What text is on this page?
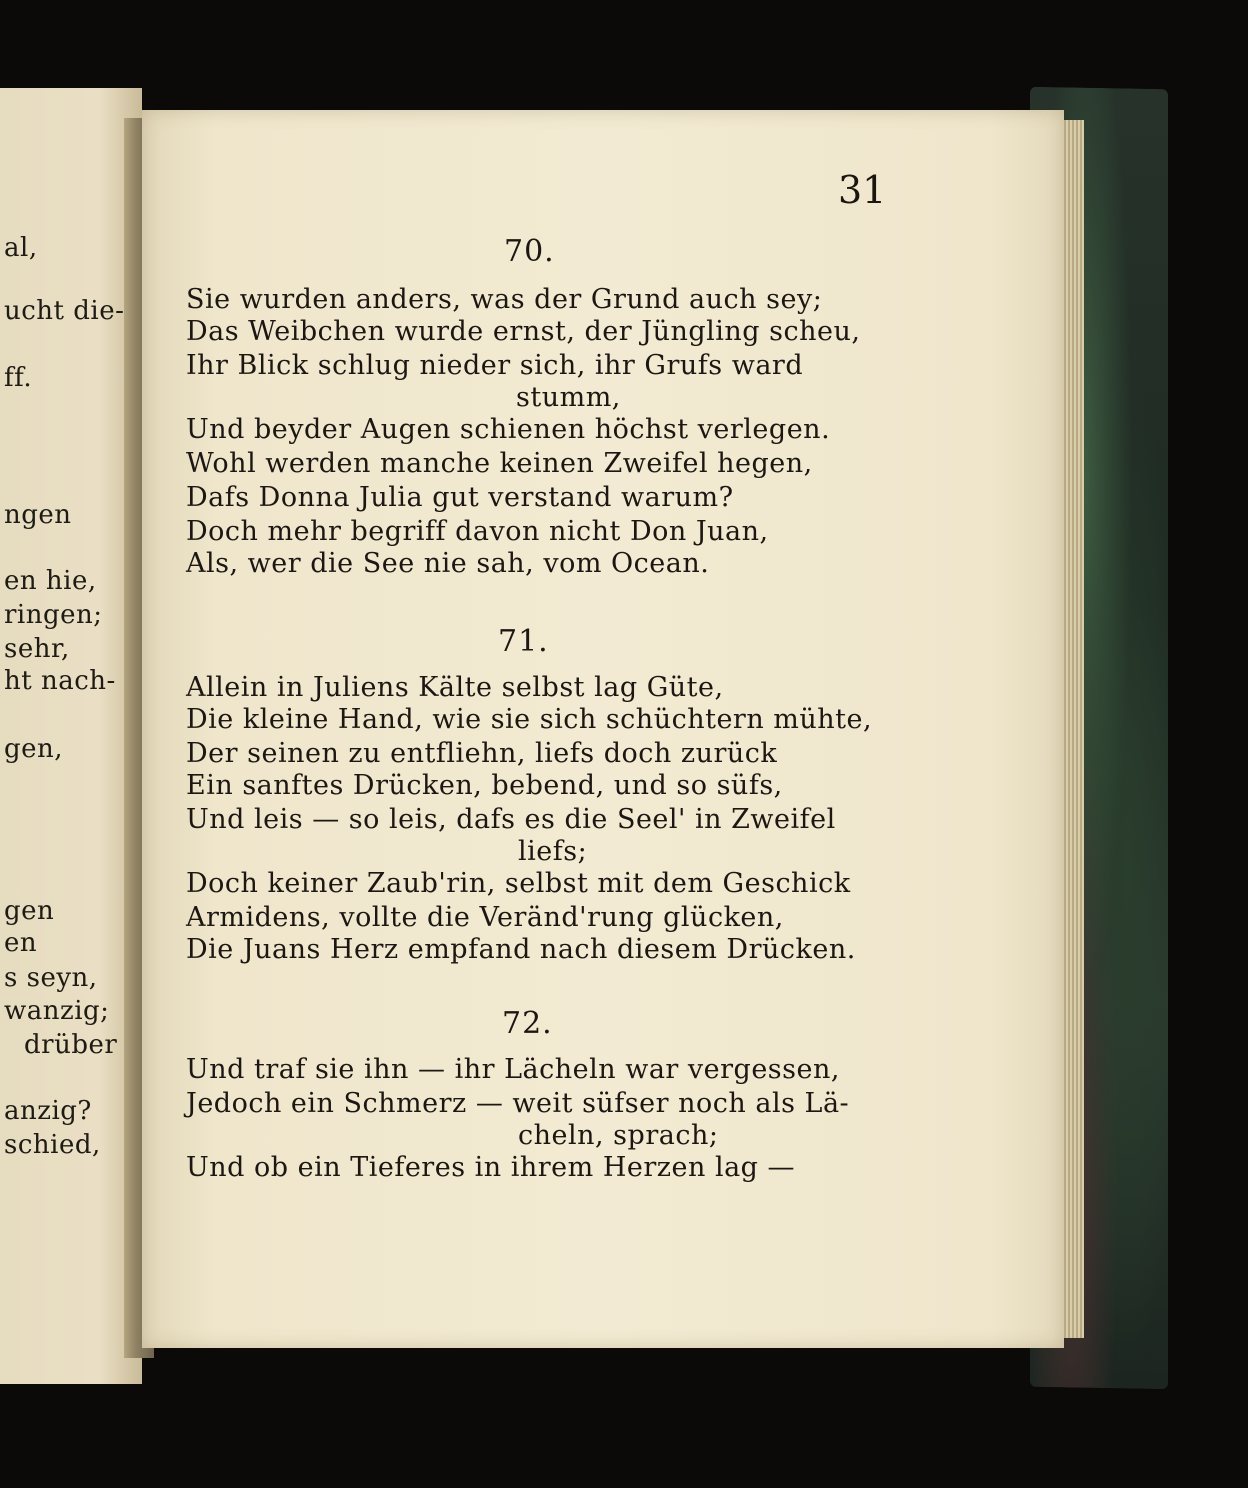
al,
ucht die-
ff.
ngen
en hie,
ringen;
sehr,
ht nach-
gen,
gen
en
s seyn,
wanzig;
drüber
anzig?
schied,
31
70.
Sie wurden anders, was der Grund auch sey;
Das Weibchen wurde ernst, der Jüngling scheu,
Ihr Blick schlug nieder sich, ihr Grufs ward
stumm,
Und beyder Augen schienen höchst verlegen.
Wohl werden manche keinen Zweifel hegen,
Dafs Donna Julia gut verstand warum?
Doch mehr begriff davon nicht Don Juan,
Als, wer die See nie sah, vom Ocean.
71.
Allein in Juliens Kälte selbst lag Güte,
Die kleine Hand, wie sie sich schüchtern mühte,
Der seinen zu entfliehn, liefs doch zurück
Ein sanftes Drücken, bebend, und so süfs,
Und leis — so leis, dafs es die Seel' in Zweifel
liefs;
Doch keiner Zaub'rin, selbst mit dem Geschick
Armidens, vollte die Veränd'rung glücken,
Die Juans Herz empfand nach diesem Drücken.
72.
Und traf sie ihn — ihr Lächeln war vergessen,
Jedoch ein Schmerz — weit süfser noch als Lä-
cheln, sprach;
Und ob ein Tieferes in ihrem Herzen lag —
